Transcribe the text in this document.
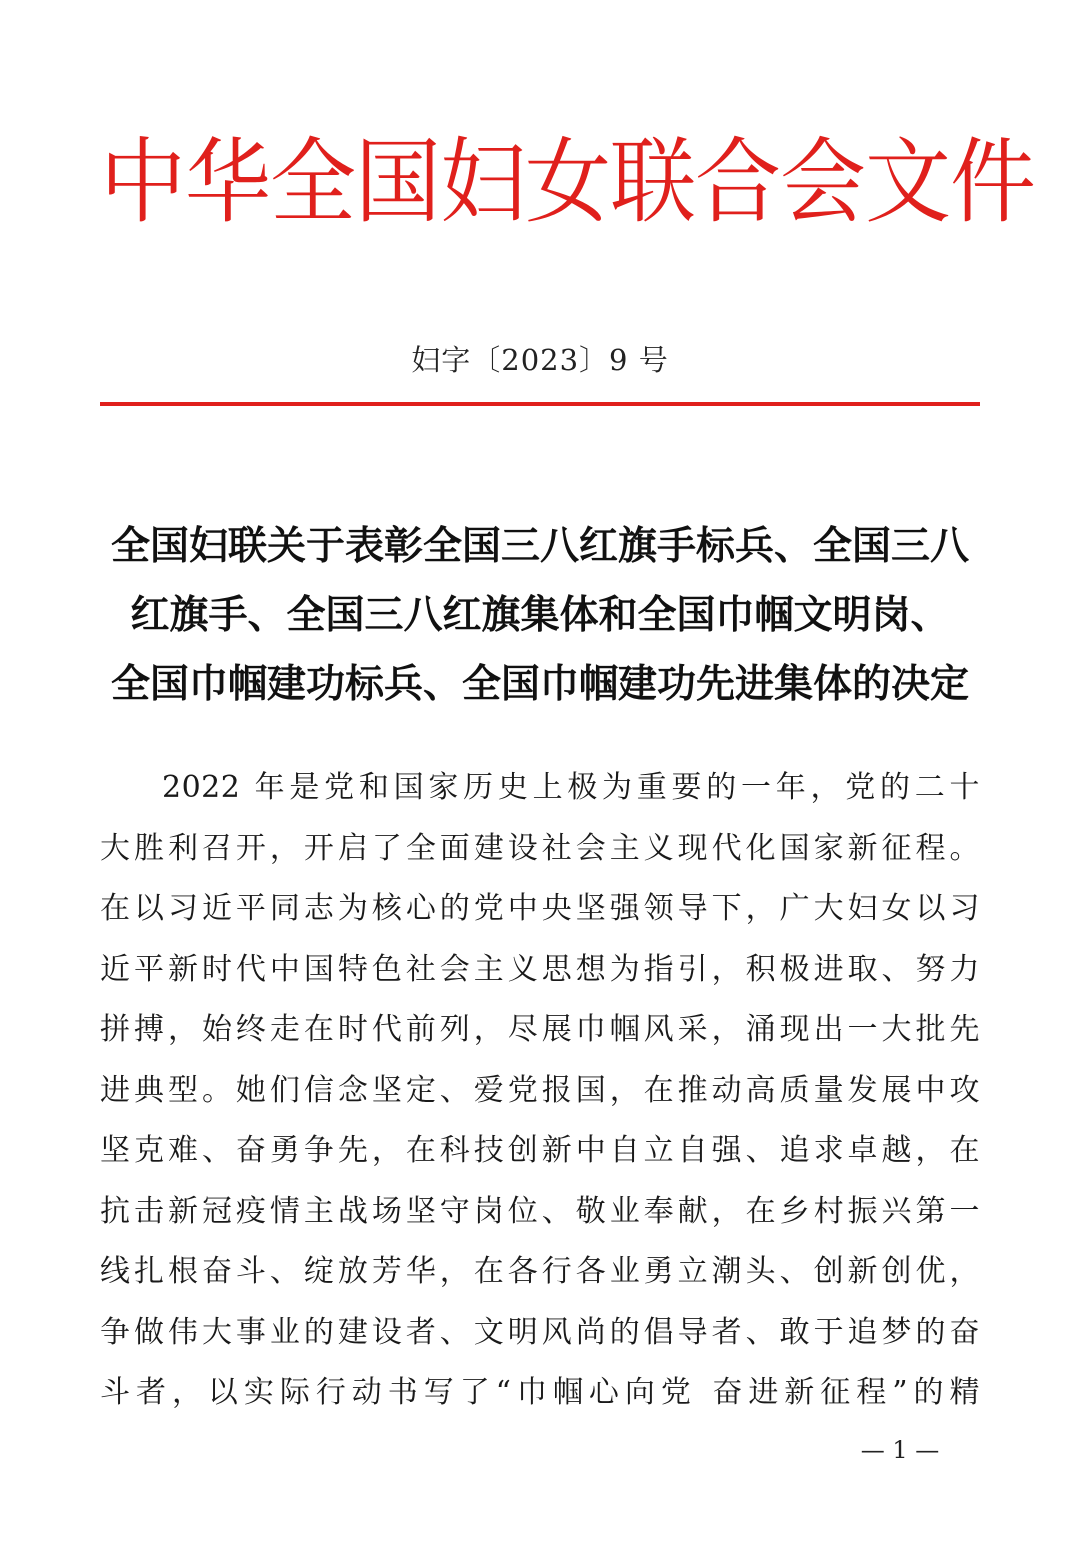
中华全国妇女联合会文件
妇字〔2023〕9 号
全国妇联关于表彰全国三八红旗手标兵、全国三八
红旗手、全国三八红旗集体和全国巾帼文明岗、
全国巾帼建功标兵、全国巾帼建功先进集体的决定
2022 年是党和国家历史上极为重要的一年，党的二十
大胜利召开，开启了全面建设社会主义现代化国家新征程。
在以习近平同志为核心的党中央坚强领导下，广大妇女以习
近平新时代中国特色社会主义思想为指引，积极进取、努力
拼搏，始终走在时代前列，尽展巾帼风采，涌现出一大批先
进典型。她们信念坚定、爱党报国，在推动高质量发展中攻
坚克难、奋勇争先，在科技创新中自立自强、追求卓越，在
抗击新冠疫情主战场坚守岗位、敬业奉献，在乡村振兴第一
线扎根奋斗、绽放芳华，在各行各业勇立潮头、创新创优，
争做伟大事业的建设者、文明风尚的倡导者、敢于追梦的奋
斗者，以实际行动书写了“巾帼心向党 奋进新征程”的精
— 1 —
